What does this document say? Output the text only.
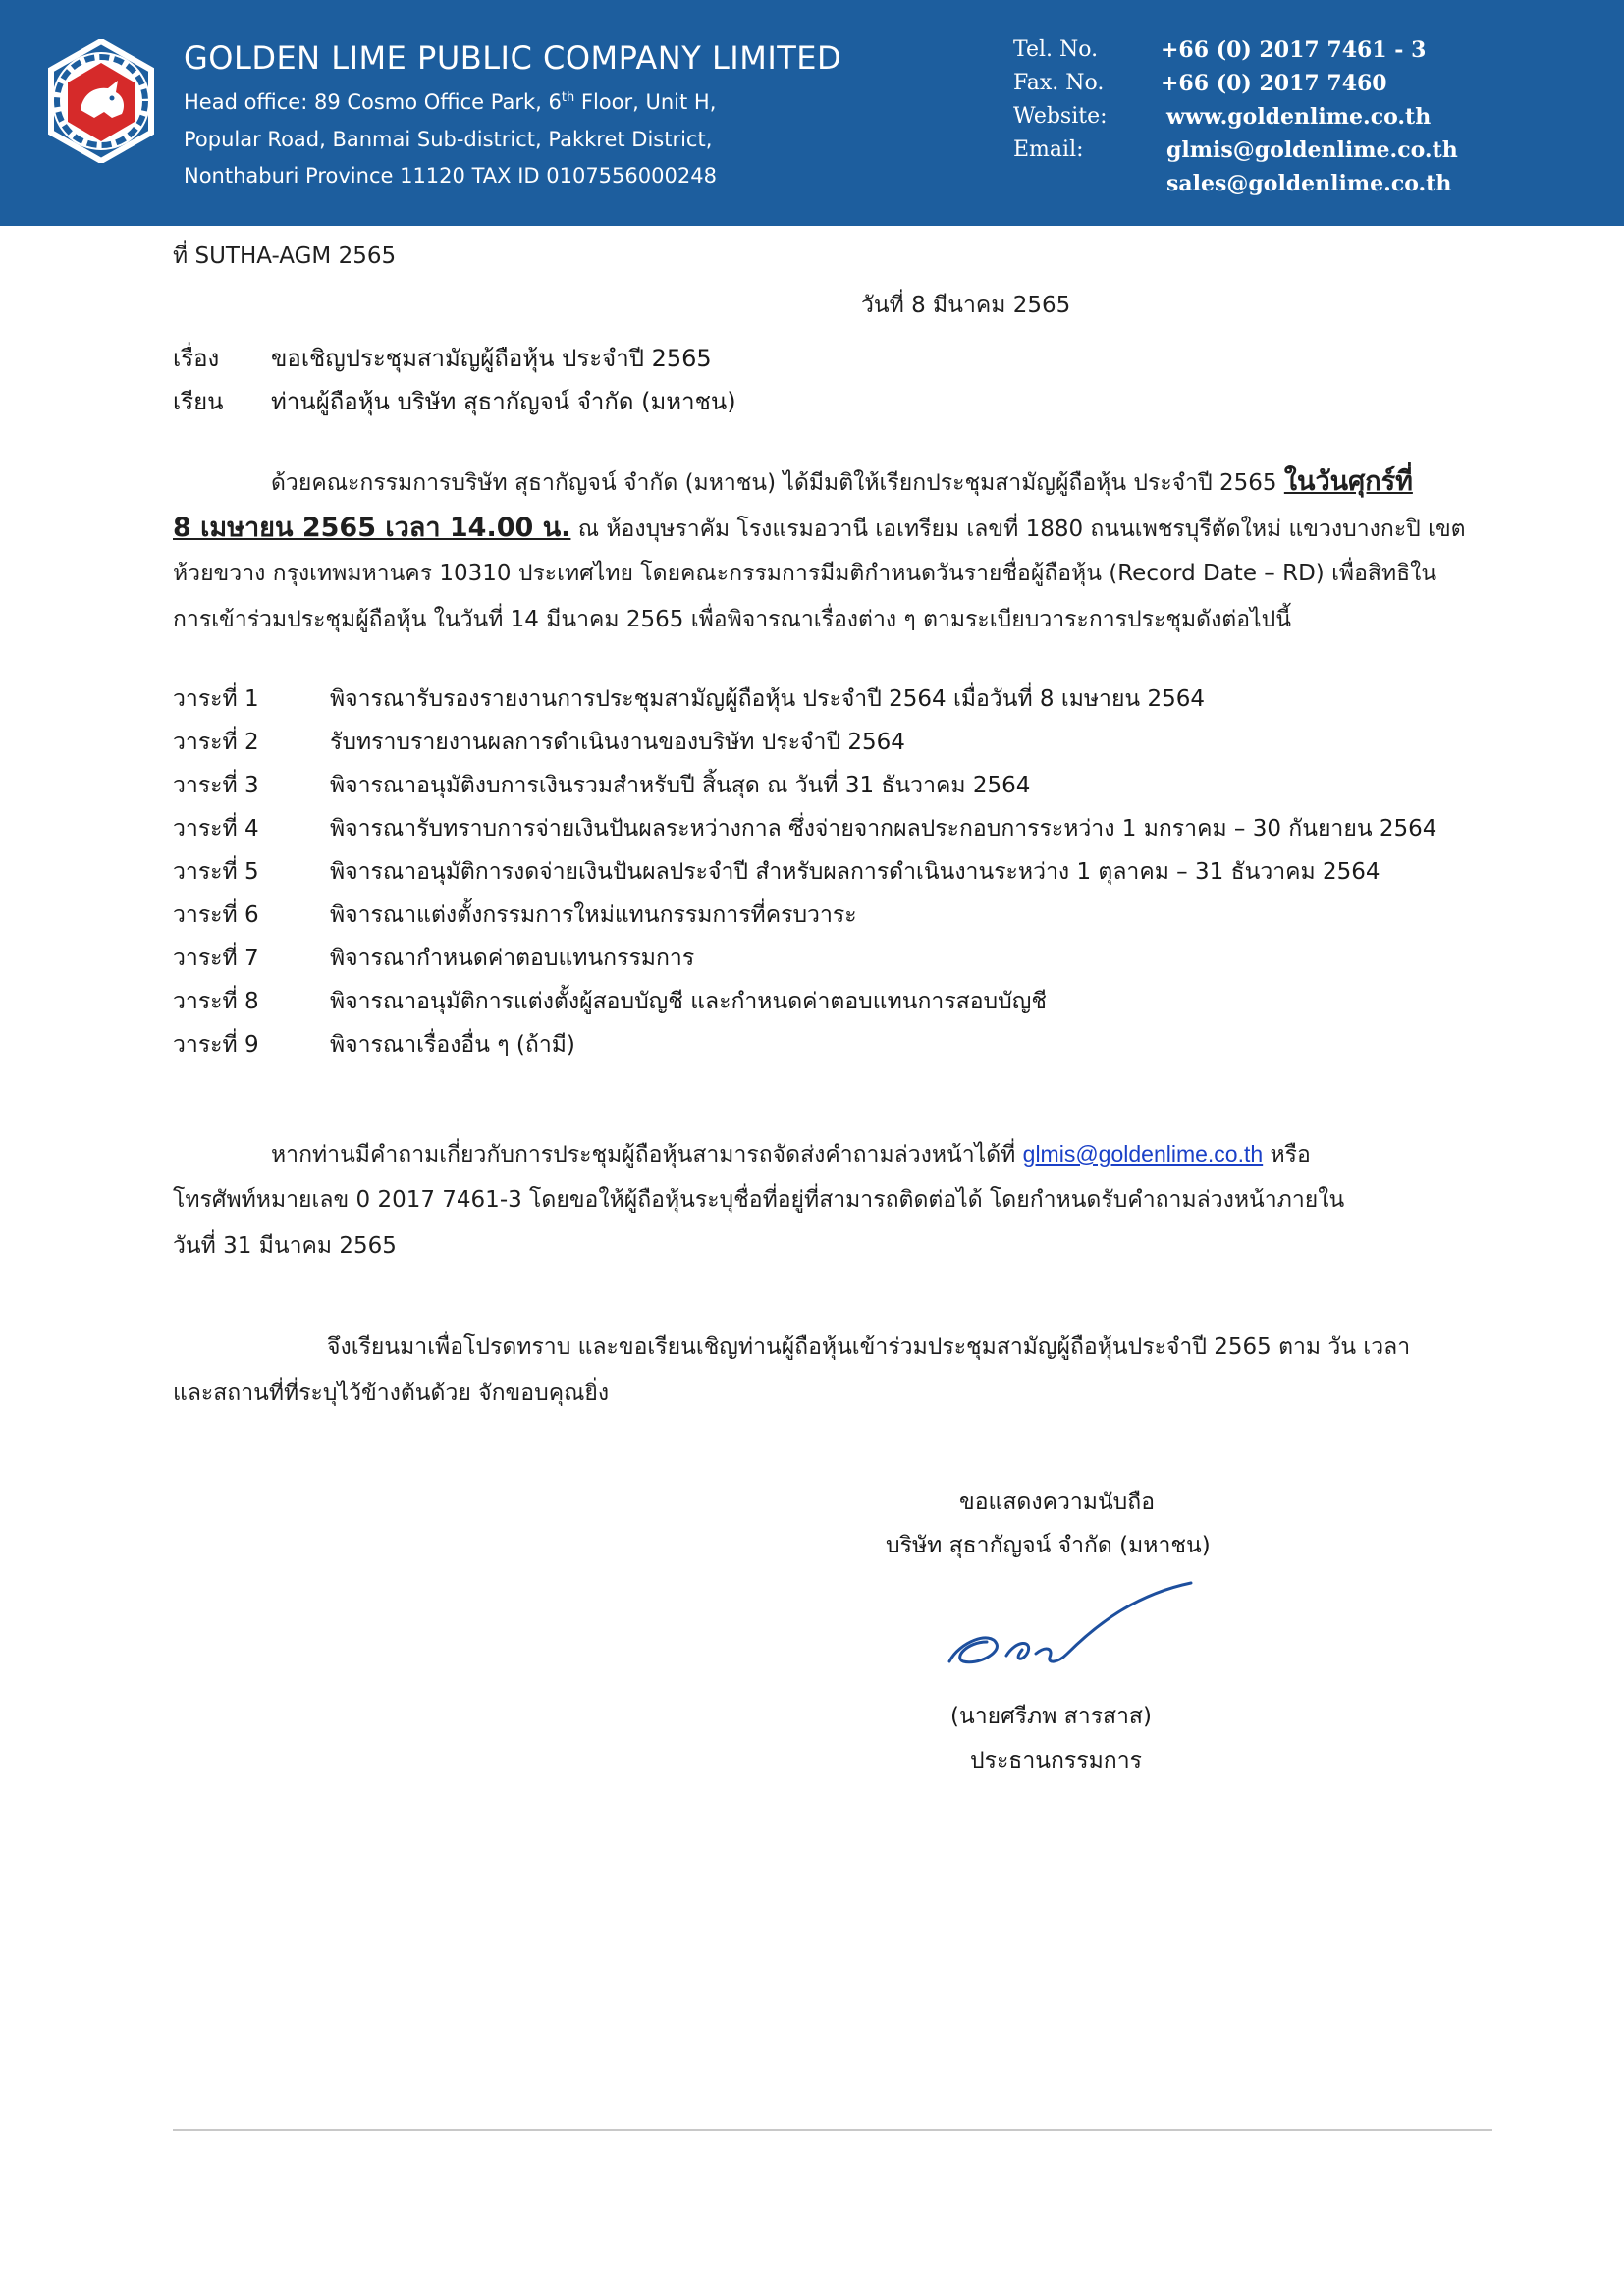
GOLDEN LIME PUBLIC COMPANY LIMITED
Head office: 89 Cosmo Office Park, 6th Floor, Unit H,
Popular Road, Banmai Sub-district, Pakkret District,
Nonthaburi Province 11120 TAX ID 0107556000248
Tel. No.	+66 (0) 2017 7461 - 3
Fax. No.	+66 (0) 2017 7460
Website:	www.goldenlime.co.th
Email:	glmis@goldenlime.co.th
sales@goldenlime.co.th
ที่ SUTHA-AGM 2565
วันที่ 8 มีนาคม 2565
เรื่อง ขอเชิญประชุมสามัญผู้ถือหุ้น ประจำปี 2565
เรียน ท่านผู้ถือหุ้น บริษัท สุธากัญจน์ จำกัด (มหาชน)
ด้วยคณะกรรมการบริษัท สุธากัญจน์ จำกัด (มหาชน) ได้มีมติให้เรียกประชุมสามัญผู้ถือหุ้น ประจำปี 2565 ในวันศุกร์ที่
8 เมษายน 2565 เวลา 14.00 น. ณ ห้องบุษราคัม โรงแรมอวานี เอเทรียม เลขที่ 1880 ถนนเพชรบุรีตัดใหม่ แขวงบางกะปิ เขต
ห้วยขวาง กรุงเทพมหานคร 10310 ประเทศไทย โดยคณะกรรมการมีมติกำหนดวันรายชื่อผู้ถือหุ้น (Record Date – RD) เพื่อสิทธิใน
การเข้าร่วมประชุมผู้ถือหุ้น ในวันที่ 14 มีนาคม 2565 เพื่อพิจารณาเรื่องต่าง ๆ ตามระเบียบวาระการประชุมดังต่อไปนี้
วาระที่ 1	พิจารณารับรองรายงานการประชุมสามัญผู้ถือหุ้น ประจำปี 2564 เมื่อวันที่ 8 เมษายน 2564
วาระที่ 2	รับทราบรายงานผลการดำเนินงานของบริษัท ประจำปี 2564
วาระที่ 3	พิจารณาอนุมัติงบการเงินรวมสำหรับปี สิ้นสุด ณ วันที่ 31 ธันวาคม 2564
วาระที่ 4	พิจารณารับทราบการจ่ายเงินปันผลระหว่างกาล ซึ่งจ่ายจากผลประกอบการระหว่าง 1 มกราคม – 30 กันยายน 2564
วาระที่ 5	พิจารณาอนุมัติการงดจ่ายเงินปันผลประจำปี สำหรับผลการดำเนินงานระหว่าง 1 ตุลาคม – 31 ธันวาคม 2564
วาระที่ 6	พิจารณาแต่งตั้งกรรมการใหม่แทนกรรมการที่ครบวาระ
วาระที่ 7	พิจารณากำหนดค่าตอบแทนกรรมการ
วาระที่ 8	พิจารณาอนุมัติการแต่งตั้งผู้สอบบัญชี และกำหนดค่าตอบแทนการสอบบัญชี
วาระที่ 9	พิจารณาเรื่องอื่น ๆ (ถ้ามี)
หากท่านมีคำถามเกี่ยวกับการประชุมผู้ถือหุ้นสามารถจัดส่งคำถามล่วงหน้าได้ที่ glmis@goldenlime.co.th หรือ
โทรศัพท์หมายเลข 0 2017 7461-3 โดยขอให้ผู้ถือหุ้นระบุชื่อที่อยู่ที่สามารถติดต่อได้ โดยกำหนดรับคำถามล่วงหน้าภายใน
วันที่ 31 มีนาคม 2565
จึงเรียนมาเพื่อโปรดทราบ และขอเรียนเชิญท่านผู้ถือหุ้นเข้าร่วมประชุมสามัญผู้ถือหุ้นประจำปี 2565 ตาม วัน เวลา
และสถานที่ที่ระบุไว้ข้างต้นด้วย จักขอบคุณยิ่ง
ขอแสดงความนับถือ
บริษัท สุธากัญจน์ จำกัด (มหาชน)
(นายศรีภพ สารสาส)
ประธานกรรมการ
